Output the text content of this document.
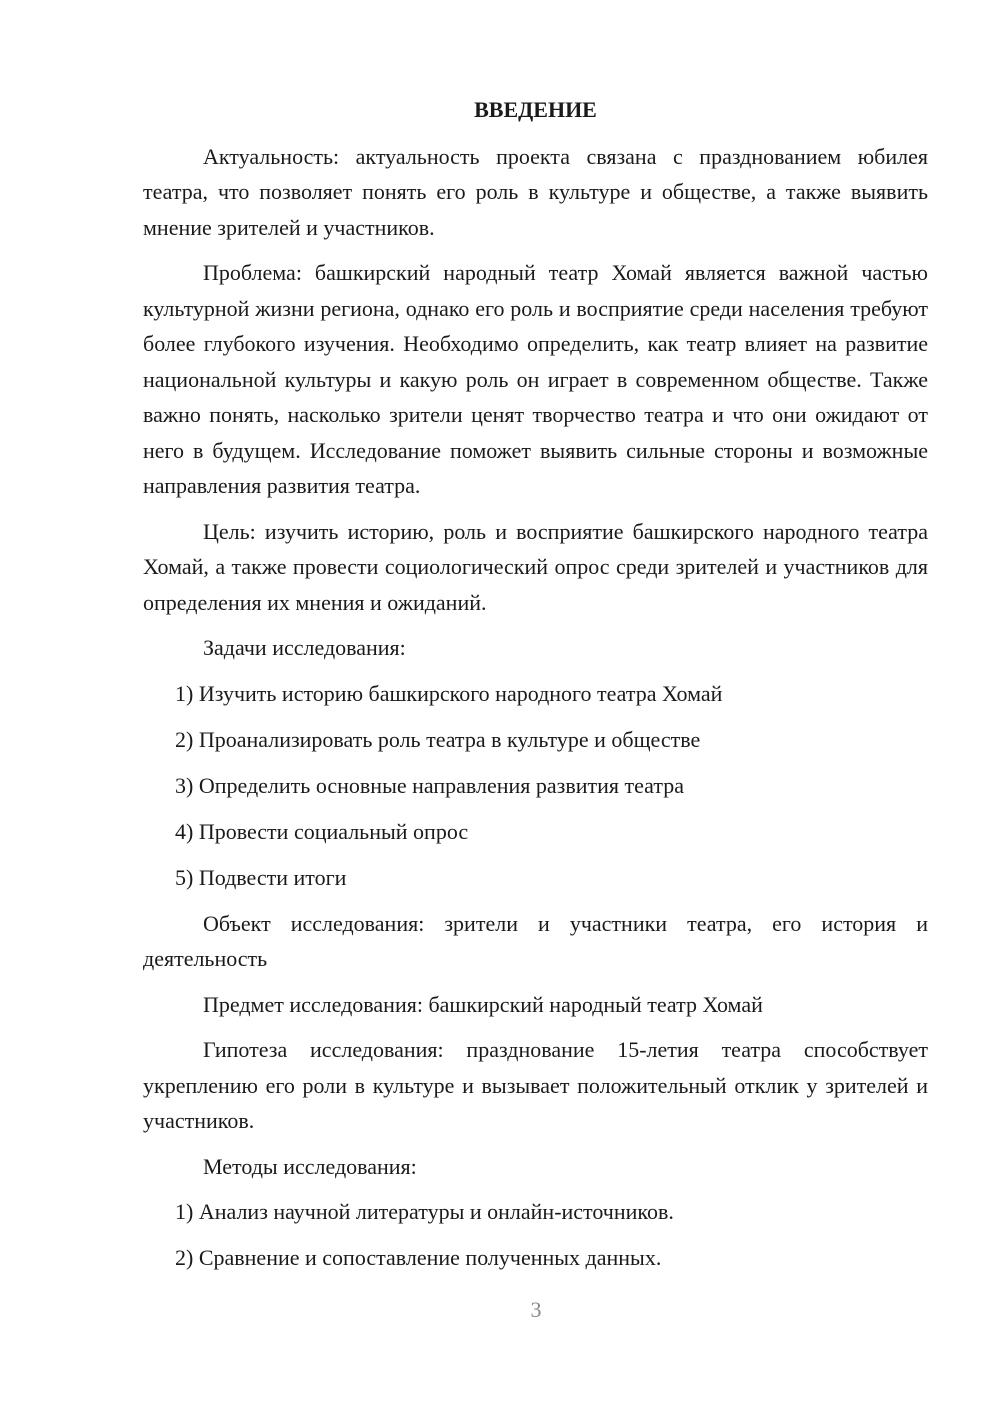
ВВЕДЕНИЕ

Актуальность: актуальность проекта связана с празднованием юбилея театра, что позволяет понять его роль в культуре и обществе, а также выявить мнение зрителей и участников.

Проблема: башкирский народный театр Хомай является важной частью культурной жизни региона, однако его роль и восприятие среди населения требуют более глубокого изучения. Необходимо определить, как театр влияет на развитие национальной культуры и какую роль он играет в современном обществе. Также важно понять, насколько зрители ценят творчество театра и что они ожидают от него в будущем. Исследование поможет выявить сильные стороны и возможные направления развития театра.

Цель: изучить историю, роль и восприятие башкирского народного театра Хомай, а также провести социологический опрос среди зрителей и участников для определения их мнения и ожиданий.

Задачи исследования:

1) Изучить историю башкирского народного театра Хомай
2) Проанализировать роль театра в культуре и обществе
3) Определить основные направления развития театра
4) Провести социальный опрос
5) Подвести итоги

Объект исследования: зрители и участники театра, его история и деятельность

Предмет исследования: башкирский народный театр Хомай

Гипотеза исследования: празднование 15-летия театра способствует укреплению его роли в культуре и вызывает положительный отклик у зрителей и участников.

Методы исследования:

1) Анализ научной литературы и онлайн-источников.
2) Сравнение и сопоставление полученных данных.
3
